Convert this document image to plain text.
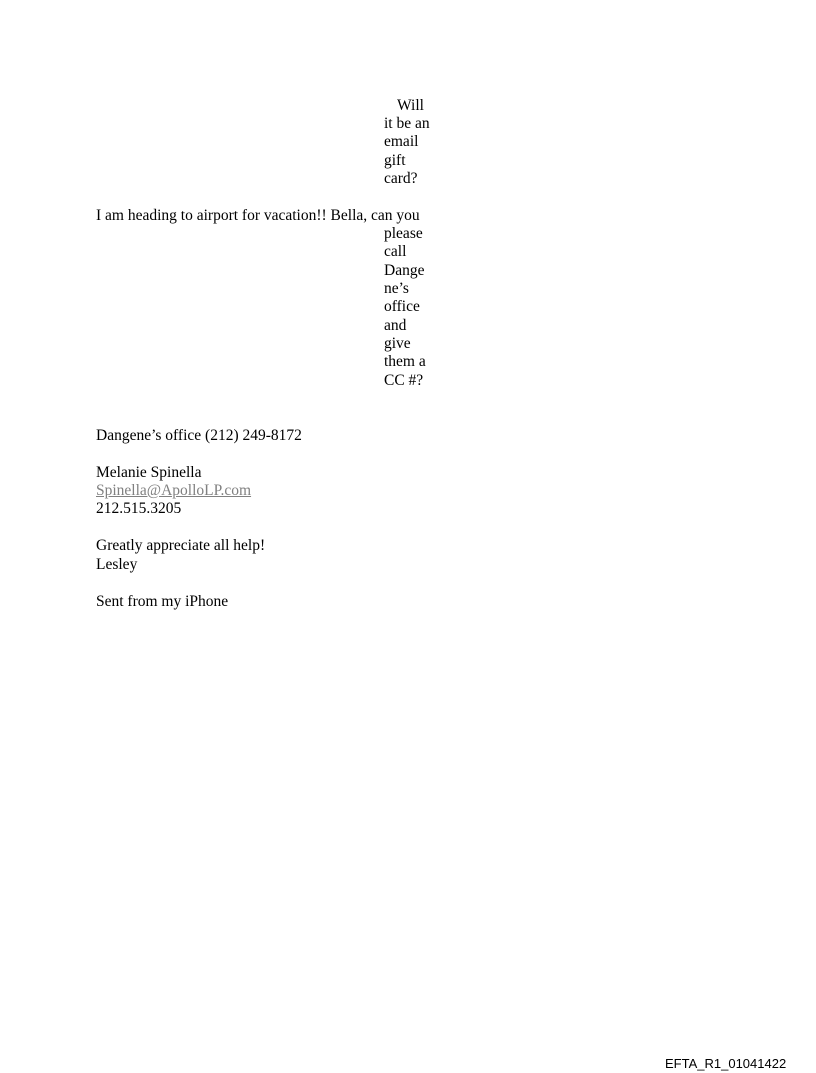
Will
it be an
email
gift
card?
I am heading to airport for vacation!! Bella, can you
please
call
Dange
ne’s
office
and
give
them a
CC #?
Dangene’s office (212) 249-8172
Melanie Spinella
Spinella@ApolloLP.com
212.515.3205
Greatly appreciate all help!
Lesley
Sent from my iPhone
EFTA_R1_01041422
